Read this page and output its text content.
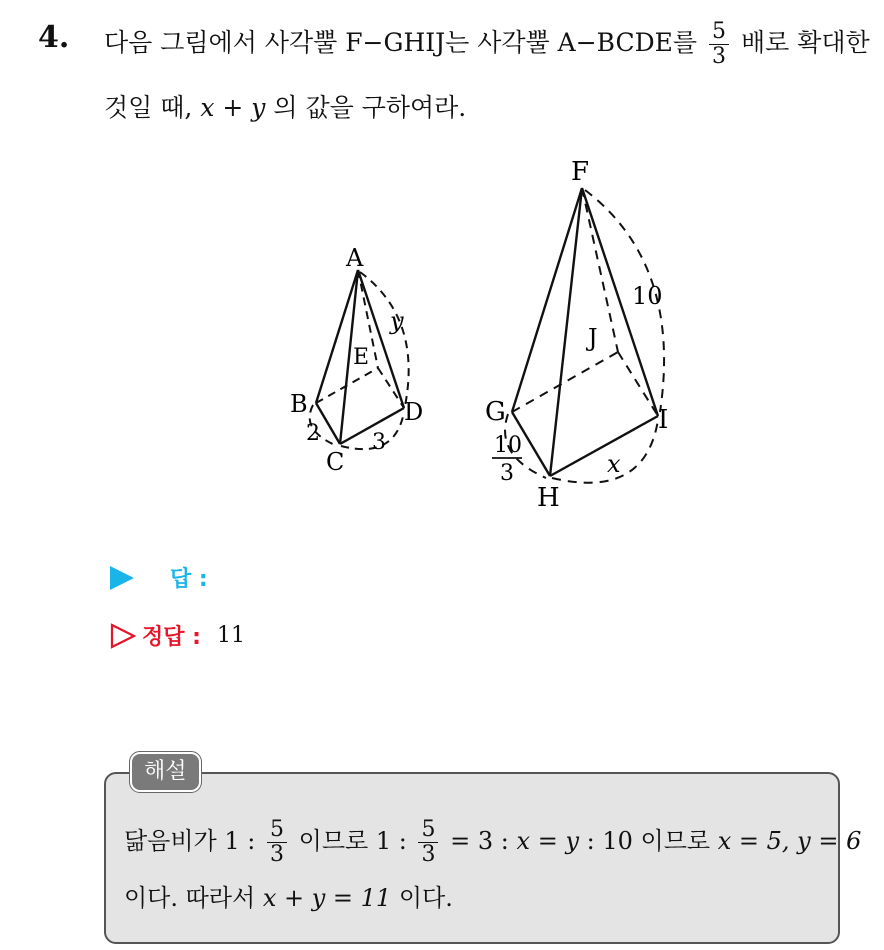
4. 다음 그림에서 사각뿔 F−GHIJ는 사각뿔 A−BCDE를 $\frac{5}{3}$ 배로 확대한
것일 때, x + y 의 값을 구하여라.
A
B
C
D
E
2 3
y
F
G
H
I
J
10
10
3	x
답 :
정답 : 11
해설
닮음비가 1 : $\frac{5}{3}$ 이므로 1 : $\frac{5}{3} = 3$ : x = y : 10 이므로 x = 5, y = 6
이다. 따라서 x + y = 11 이다.
